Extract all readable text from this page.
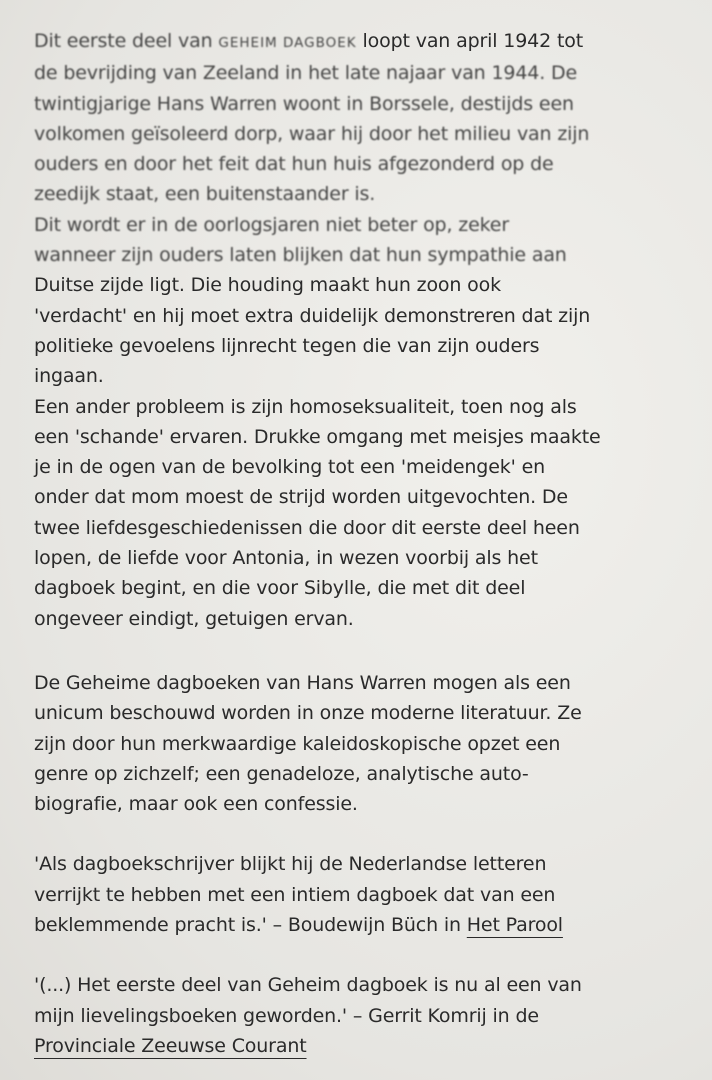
Dit eerste deel van GEHEIM DAGBOEK loopt van april 1942 tot
de bevrijding van Zeeland in het late najaar van 1944. De
twintigjarige Hans Warren woont in Borssele, destijds een
volkomen geïsoleerd dorp, waar hij door het milieu van zijn
ouders en door het feit dat hun huis afgezonderd op de
zeedijk staat, een buitenstaander is.
Dit wordt er in de oorlogsjaren niet beter op, zeker
wanneer zijn ouders laten blijken dat hun sympathie aan
Duitse zijde ligt. Die houding maakt hun zoon ook
'verdacht' en hij moet extra duidelijk demonstreren dat zijn
politieke gevoelens lijnrecht tegen die van zijn ouders
ingaan.
Een ander probleem is zijn homoseksualiteit, toen nog als
een 'schande' ervaren. Drukke omgang met meisjes maakte
je in de ogen van de bevolking tot een 'meidengek' en
onder dat mom moest de strijd worden uitgevochten. De
twee liefdesgeschiedenissen die door dit eerste deel heen
lopen, de liefde voor Antonia, in wezen voorbij als het
dagboek begint, en die voor Sibylle, die met dit deel
ongeveer eindigt, getuigen ervan.
De Geheime dagboeken van Hans Warren mogen als een
unicum beschouwd worden in onze moderne literatuur. Ze
zijn door hun merkwaardige kaleidoskopische opzet een
genre op zichzelf; een genadeloze, analytische auto-
biografie, maar ook een confessie.
'Als dagboekschrijver blijkt hij de Nederlandse letteren
verrijkt te hebben met een intiem dagboek dat van een
beklemmende pracht is.' – Boudewijn Büch in Het Parool
'(...) Het eerste deel van Geheim dagboek is nu al een van
mijn lievelingsboeken geworden.' – Gerrit Komrij in de
Provinciale Zeeuwse Courant
